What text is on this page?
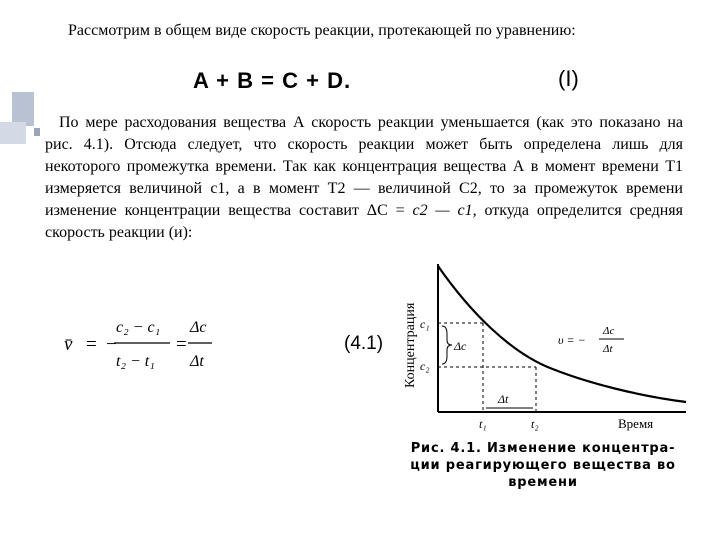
Рассмотрим в общем виде скорость реакции, протекающей по уравнению:

A + B = C + D.	(I)

По мере расходования вещества А скорость реакции уменьшается (как это показано на рис. 4.1). Отсюда следует, что скорость реакции может быть определена лишь для некоторого промежутка времени. Так как концентрация вещества А в момент времени Т1 измеряется величиной с1, а в момент Т2 — величиной С2, то за промежуток времени изменение концентрации вещества составит ΔC = c2 — c1, откуда определится средняя скорость реакции (и):

v̄ = −
c₂ − c₁
t₂ − t₁
=
Δc
Δt
(4.1)	Δc
Δt
c₁
c₂
t₁	t₂
Концентрация
Время
υ = −
Δc
Δt
Рис. 4.1. Изменение концентра-
ции реагирующего вещества во
времени
